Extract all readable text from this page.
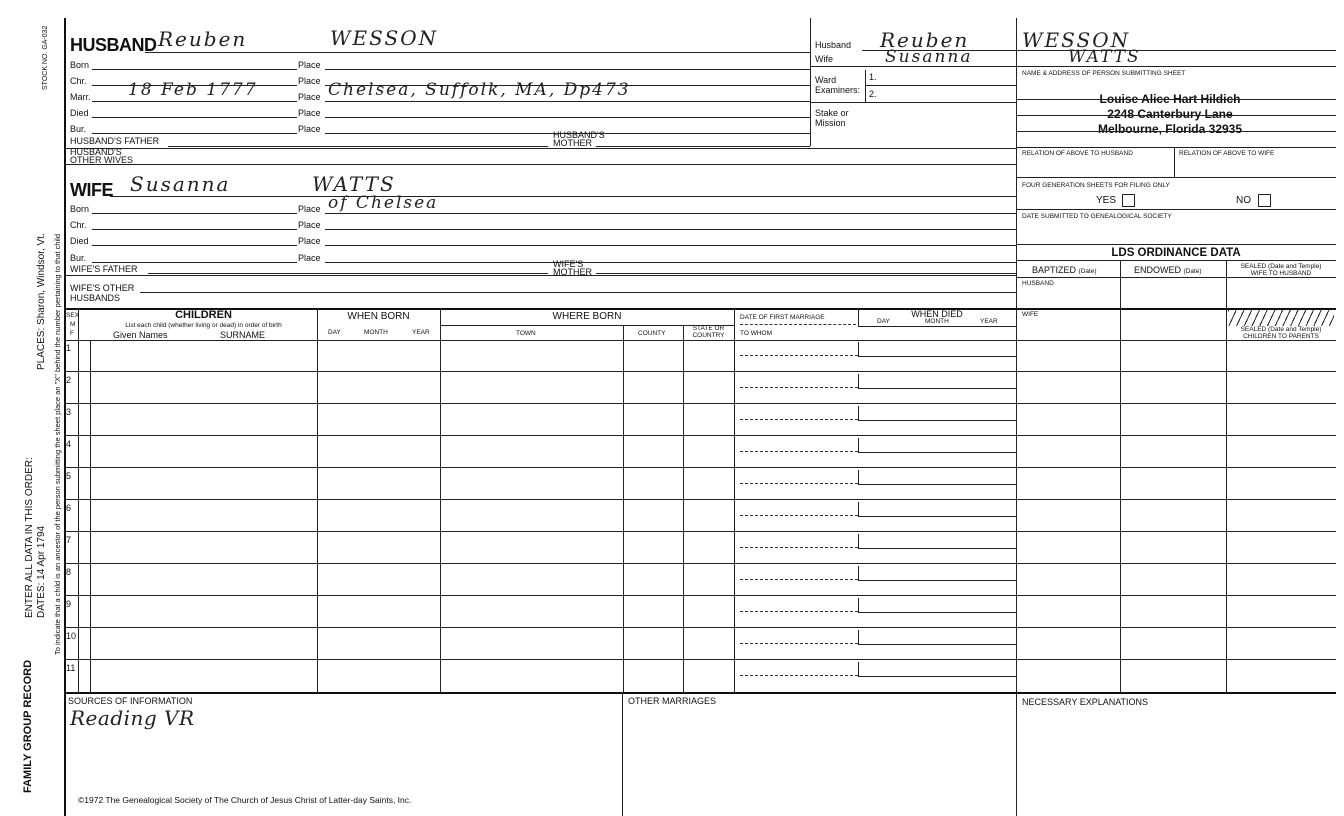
STOCK NO. GA-032
PLACES: Sharon, Windsor, Vt. To indicate that a child is an ancestor of the person submitting the sheet place an "X" behind the number pertaining to that child
ENTER ALL DATA IN THIS ORDER: DATES: 14 Apr 1794
FAMILY GROUP RECORD
HUSBAND Reuben	WESSON
Born	Place
Chr.	Place
Marr. 18 Feb 1777	Place Chelsea, Suffolk, MA, Dp473
Died	Place
Bur.	Place
HUSBAND'S FATHER
HUSBAND'S
MOTHER
HUSBAND'S
OTHER WIVES
WIFE Susanna	WATTS
Born	Place of Chelsea
Chr.	Place
Died	Place
Bur.	Place
WIFE'S FATHER	WIFE'S
MOTHER
WIFE'S OTHER
HUSBANDS
Husband Reuben	WESSON
Wife	Susanna	WATTS
Ward
Examiners:
1.
2.
Stake or
Mission
NAME & ADDRESS OF PERSON SUBMITTING SHEET
Louise Alice Hart Hildich
2248 Canterbury Lane
Melbourne, Florida 32935
RELATION OF ABOVE TO HUSBAND	RELATION OF ABOVE TO WIFE
FOUR GENERATION SHEETS FOR FILING ONLY
YES	NO
DATE SUBMITTED TO GENEALOGICAL SOCIETY
LDS ORDINANCE DATA
BAPTIZED (Date)	ENDOWED (Date)
SEALED (Date and Temple)
WIFE TO HUSBAND
HUSBAND
WIFE
SEALED (Date and Temple)
CHILDREN TO PARENTS
SEX
M
F
CHILDREN
List each child (whether living or dead) in order of birth
Given Names	SURNAME
WHEN BORN
DAY	MONTH	YEAR
WHERE BORN
TOWN	COUNTY
STATE OR
COUNTRY
DATE OF FIRST MARRIAGE
TO WHOM
WHEN DIED
DAY	MONTH	YEAR
1
2
3
4
5
6
7
8
9
10
11
SOURCES OF INFORMATION
Reading VR
OTHER MARRIAGES	NECESSARY EXPLANATIONS
©1972 The Genealogical Society of The Church of Jesus Christ of Latter-day Saints, Inc.
